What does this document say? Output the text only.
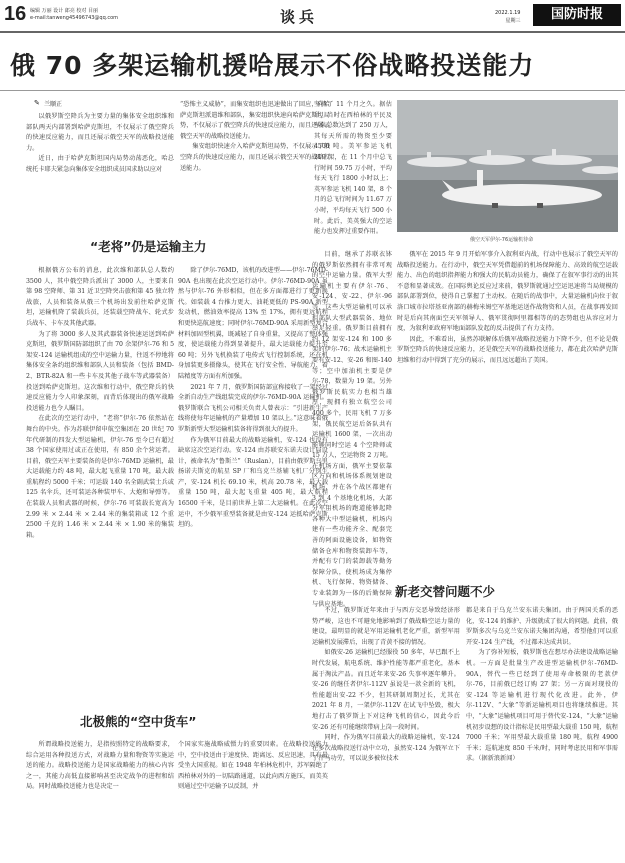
16 编辑 万丽 设计 郎亮 校对 目丽
e-mail:tanweng45496743@qq.com	谈兵	2022.1.19
星期三	国防时报
俄 70 多架运输机援哈展示不俗战略投送能力
✎ 兰顺正

以俄罗斯空降兵为主要力量的集体安全组织维和部队两天内部署到哈萨克斯坦，不仅展示了俄空降兵的快速反应能力，而且还展示俄空天军的战略投送能力。

近日，由于哈萨克斯坦国内局势动荡恶化，哈总统托卡耶夫紧急向集体安全组织成员国求助以应对

“恐怖主义威胁”，而集安组织也迅速做出了回应，向哈萨克斯坦派遣维和部队，集安组织快速向哈萨克斯坦局势，不仅展示了俄空降兵的快速反应能力，而且还展示俄空天军的战略投送能力。

集安组织快速介入哈萨克斯坦局势，不仅展示了俄空降兵的快速反应能力，而且还展示俄空天军的战略投送能力。

坚持了 11 个月之久。据估计，当时在西柏林的平民及军队总数达到了 250 万人，其每天所需的物资至少要 4500 吨。美军参运飞机 319 架，在 11 个月中总飞行时间 59.75 万小时，平均每天飞行 1800 小时以上；英军参运飞机 140 架，8 个月的总飞行时间为 11.67 万小时，平均每天飞行 500 小时。此后，美英强大的空运能力也发挥过重要作用。

俄空天军伊尔-76运输机待命
“老将”仍是运输主力

根据俄方公布的消息，此次维和部队总人数约 3500 人，其中俄空降兵派出了 3000 人，主要来自第 98 空降师、第 31 近卫空降突击旅和第 45 独立特战旅，人员和装备从俄三个机场出发前往哈萨克斯坦，运输机降了装载兵员，还装载空降战车、轮式步兵战车、卡车及其他武器。

为了将 3000 多人及其武器装备快速运送到哈萨克斯坦，俄罗斯国防部组织了由 70 余架伊尔-76 和 5 架安-124 运输机组成的空中运输力量，往返不停地将集体安全条约组织维和部队人员和装备（包括 BMD-2、BTR-82A 和一些卡车及其他子战车等武器装备）投送到哈萨克斯坦。这次维和行动中，俄空降兵的快速反应能力令人印象深刻，而背后体现出的俄军战略投送能力也令人瞩目。

在此次的空运行动中，“老将”伊尔-76 依然站在舞台的中央。作为苏联伊留申航空集团在 20 世纪 70 年代研制的四发大型运输机，伊尔-76 至今已有超过 38 个国家使用过或正在使用，有 850 余个营运者。目前，俄空天军主要装备的是伊尔-76MD 运输机，最大运载能力约 48 吨，最大起飞重量 170 吨，最大载重航程约 5000 千米；可运载 140 名全副武装士兵或 125 名伞兵，还可装运各种装甲车、大炮和导弹等。在装载人员和武器的时候，伊尔-76 可装载长宽高为 2.99 米 × 2.44 米 × 2.44 米的集装箱或 12 个重 2500 千克的 1.46 米 × 2.44 米 × 1.90 米的集装箱。

除了伊尔-76MD，该机的改进型——伊尔-76MD-90A 也出现在此次空运行动中。伊尔-76MD-90A 虽然与伊尔-76 外形相似，但在多方面都进行了更新换代。如装载 4 台推力更大、油耗更低的 PS-90A 新型发动机，燃油效率提高 13% 至 17%，拥有更远航程和更快巡航速度；同时伊尔-76MD-90A 采用新型复合材料加固型机翼，既减轻了自身重量，又提高了整体强度，使运载能力得到显著提升，最大运载能力提升至 60 吨；另外飞机换装了电传式飞行控制系统，还在机身加装更多摄像头，使其在飞行安全性、导航能力、着陆精度等方面有所加强。

2021 年 7 月，俄罗斯国防部宣称接收了一架经过全新自动生产线组装完成的伊尔-76MD-90A 运输机。俄罗斯联合飞机公司相关负责人曾表示：“引进新生产线将使每年运输机的产量增加 10 架以上。”这意味着俄罗斯新型大型运输机装备将得到很大的提升。

作为俄军目前最大的战略运输机，安-124 也没有缺席这次空运行动。安-124 由苏联安东诺夫设计局设计，被命名为“鲁斯兰”（Ruslan），目前由俄罗斯乌里扬诺夫斯克的航星 SP 厂和乌克兰基辅飞机厂分别生产，安-124 机长 69.10 米，机高 20.78 米，最大载重量 150 吨，最大起飞重量 405 吨，最大航程 16500 千米，是目前世界上第二大运输机。在此次空运中，不少俄军重型装备就是由安-124 运抵哈萨克斯坦的。

目前，继承了苏联衣钵的俄罗斯依然拥有非常可观的空中运输力量。俄军大型运输机主要有伊尔-76、安-124、安-22、伊尔-96 等，这些大型运输机可以承担部队大型武器装备、地位举足轻重。俄罗斯目前拥有约 12 架安-124 和 100 多架的伊尔-76；战术运输机主要有安-12、安-26 和图-140 等；空中加油机主要是伊尔-78，数量为 19 架。另外俄罗斯民航实力也相当雄厚，现拥有独立航空公司 400 多个，民用飞机 7 万多架，俄民航空运后备队共有运输机 1600 架，一次出动能够同时空运 4 个空降师或 15 万人，空运物资 2 万吨。在机场方面，俄军主要依靠区方向和机场体系规划建设机场，并在各个战区都建有 3 到 4 个基地化机场，大部分军用机场的跑道能够起降各种大中型运输机，机场内建有一些功能齐全、配套完善的阿面设施设备，如物资储备仓库和物资装卸车等，并配有专门的装卸载等勤务保障分队，使机场成为集停机、飞行保障、物资储备、专业装卸为一体的后勤保障与供应基地。

俄军在 2015 年 9 月开始军事介入叙利亚内战，行动中也展示了俄空天军的战略投送能力。在行动中，俄空天军凭借超前的机场保障能力、高效的航空运载能力、出色的组织指挥能力和强大的民航动员能力，确保了在叙军事行动的出其不意和显著成效。在国际舆论反应过来前，俄罗斯就通过空运迅速将当局规模的部队部署到位，使得自己掌握了主动权。在随后的战事中，大量运输机向位于叙洛口城市拉塔基亚南部的赫梅米姆空军基地运送作战物资和人员，在战事再发回时是后向其南面空天军领导人、俄军贯彻阿里都相等的的态势组也从容应对力度，为叙利亚政府军地面部队发起的反击提供了有力支持。

因此，不难看出，虽然苏联解体后俄军战略投送能力下降不少，但不论是俄罗斯空降兵的快速反应能力，还是俄空天军的战略投送能力，都在此次哈萨克斯坦维和行动中得到了充分的展示，而且远远超出了美国。

北极熊的“空中货车”

所谓战略投送能力，是指按照特定的战略要求，综合运用各种投送方式，对战略力量和物资等实施运送的能力。战略投送能力是国家战略能力的核心内容之一，其能力高低直接影响甚至决定战争的进程和结局。同时战略投送能力也是决定一

个国家实施战略威慑力的重要因素。在战略投送能力中，空中投送由于速度快、距离远、反应迅速，具有最受坐大国重视。如在 1948 年柏林危机中，苏军隔绝了西柏林对外的一切陆路通道，以此向西方施压，而美英则通过空中运输予以反制，并

新老交替问题不少

不过，俄罗斯近年来由于与西方交恶导致经济形势严峻，这也不可避免地影响到了俄战略空运力量的建设，最明显的就是军用运输机老化严重，新型军用运输机发展滞后，出现了青黄不接的情况。

如俄安-26 运输机已经服役 50 多年，早已跟不上时代发展，航电系统、维护性能等都严重老化，基本属于淘汰产品。而且近年来安-26 失事率逐年攀升。安-26 的继任者伊尔-112V 虽说是一款全新的飞机，性能超出安-22 不少，但其研制周期过长，尤其在 2021 年 8 月，一架伊尔-112V 在试飞中坠毁，极大地打击了俄罗斯上下对这种飞机的信心，因此今后安-26 还有可能继续带病上岗一段时间。

同时，作为俄军目前最大的战略运输机，安-124 在多次战略投送行动中立功，虽然安-124 为俄军立下了汗马功劳，可以说多被位技术

都是来自于乌克兰安东诺夫集团。由于两国关系的恶化，安-124 的维护、升级就成了很大的问题。此前，俄罗斯多次与乌克兰安东诺夫集团沟通，希望他们可以重开安-124 生产线，不过都未达成共识。

为了弥补短板，俄罗斯也在想尽办法建设战略运输机。一方面是批量生产改进型运输机伊尔-76MD-90A，替代一些已经到了使用寿命极限的老款伊尔-76，目前俄已经订购 27 架；另一方面对现役的安-124 等运输机进行现代化改进。此外，伊尔-112V、“大象”等新运输机项目也将继续推进。其中，“大象”运输机项目可用于替代安-124，“大象”运输机初步设想的设计指标是民用型最大载重 150 吨，航程 7000 千米；军用型最大载重量 180 吨，航程 4900 千米；巡航速度 850 千米/时，同时考虑民用和军事需求。（据新浪新闻）
